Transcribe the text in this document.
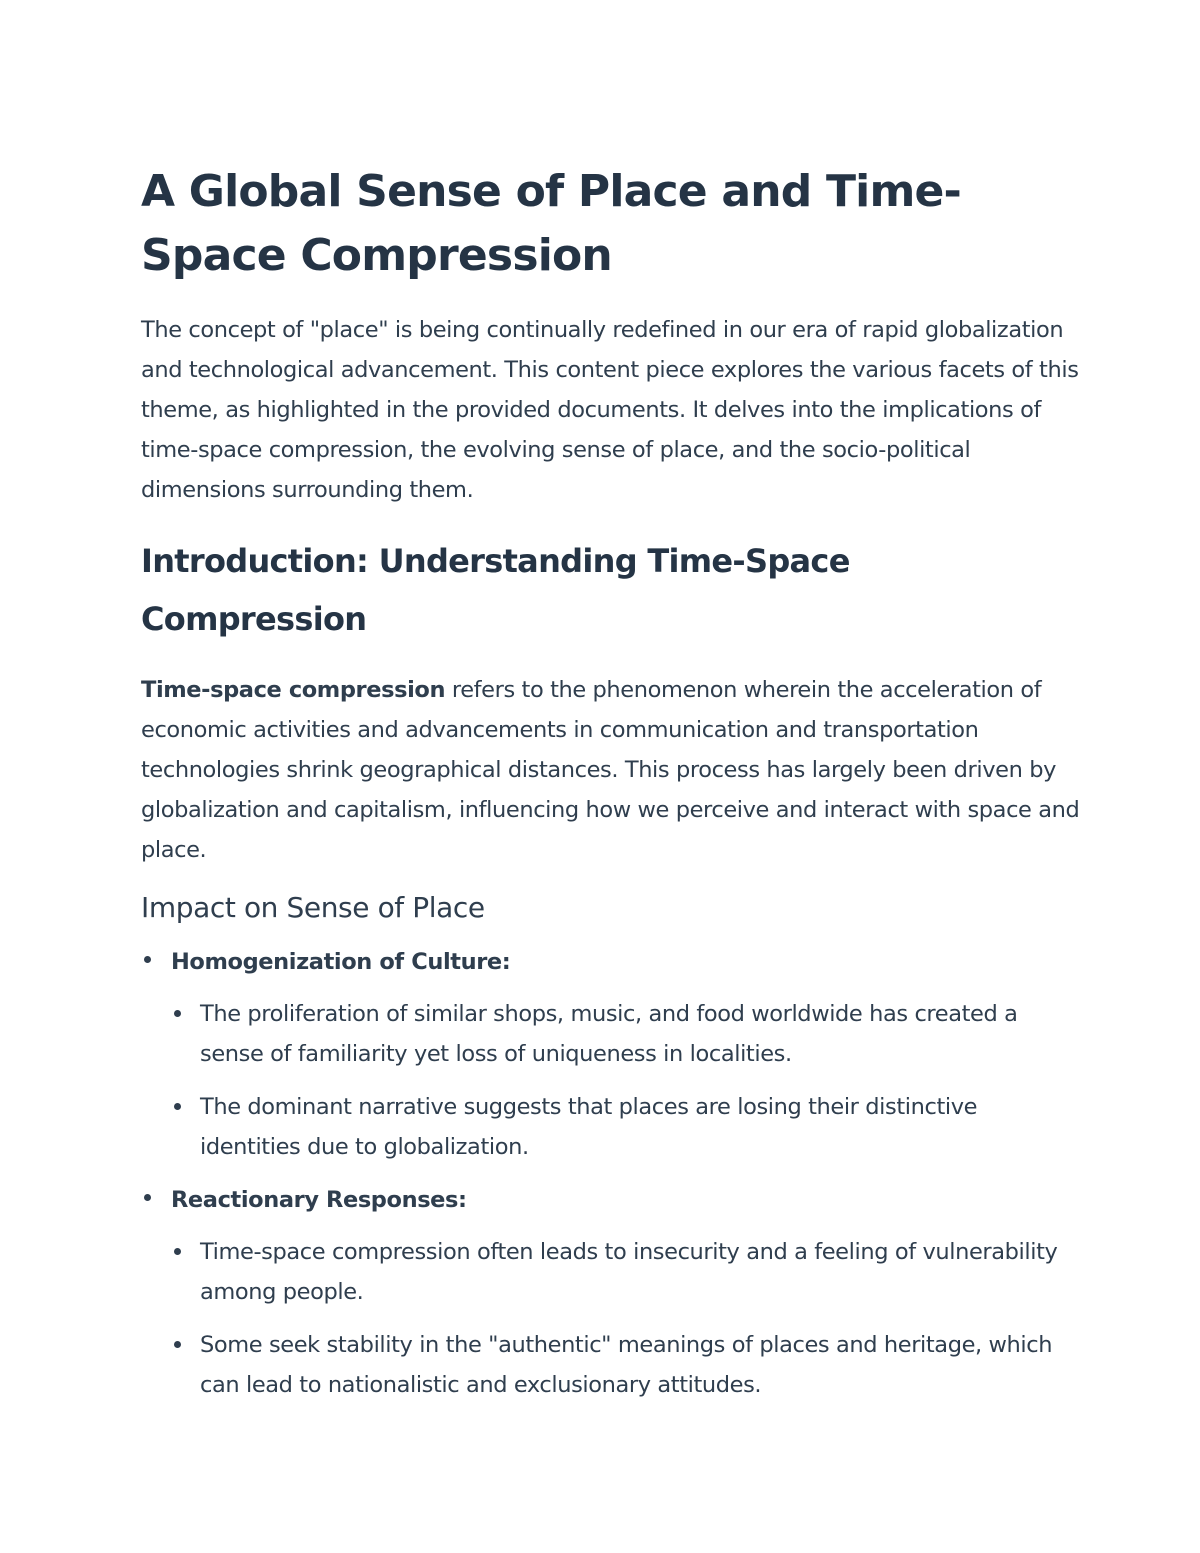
A Global Sense of Place and Time-Space Compression

The concept of "place" is being continually redefined in our era of rapid globalization and technological advancement. This content piece explores the various facets of this theme, as highlighted in the provided documents. It delves into the implications of time-space compression, the evolving sense of place, and the socio-political dimensions surrounding them.

Introduction: Understanding Time-Space Compression

Time-space compression refers to the phenomenon wherein the acceleration of economic activities and advancements in communication and transportation technologies shrink geographical distances. This process has largely been driven by globalization and capitalism, influencing how we perceive and interact with space and place.

Impact on Sense of Place
Homogenization of Culture:
The proliferation of similar shops, music, and food worldwide has created a sense of familiarity yet loss of uniqueness in localities.
The dominant narrative suggests that places are losing their distinctive identities due to globalization.
Reactionary Responses:
Time-space compression often leads to insecurity and a feeling of vulnerability among people.
Some seek stability in the "authentic" meanings of places and heritage, which can lead to nationalistic and exclusionary attitudes.
